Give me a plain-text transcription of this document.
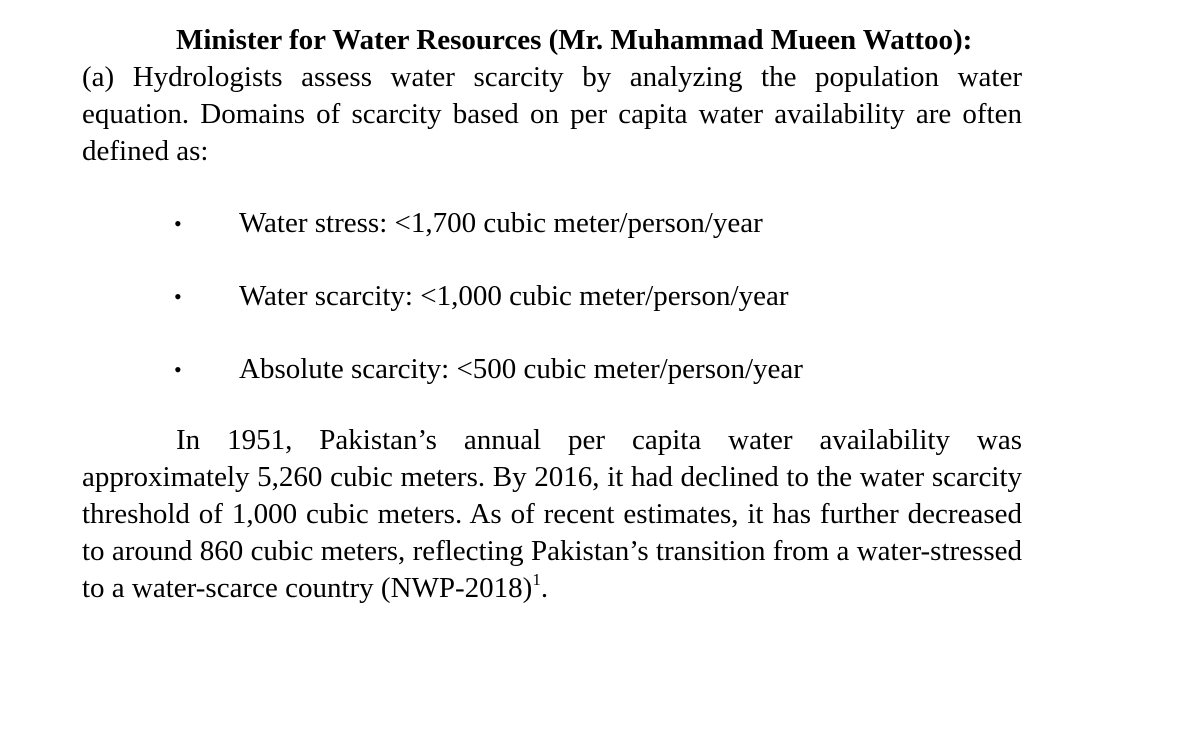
Minister for Water Resources (Mr. Muhammad Mueen Wattoo):
(a) Hydrologists assess water scarcity by analyzing the population water equation. Domains of scarcity based on per capita water availability are often defined as:

• Water stress: <1,700 cubic meter/person/year
• Water scarcity: <1,000 cubic meter/person/year
• Absolute scarcity: <500 cubic meter/person/year

In 1951, Pakistan’s annual per capita water availability was approximately 5,260 cubic meters. By 2016, it had declined to the water scarcity threshold of 1,000 cubic meters. As of recent estimates, it has further decreased to around 860 cubic meters, reflecting Pakistan’s transition from a water-stressed to a water-scarce country $(NWP-2018)^1$.
